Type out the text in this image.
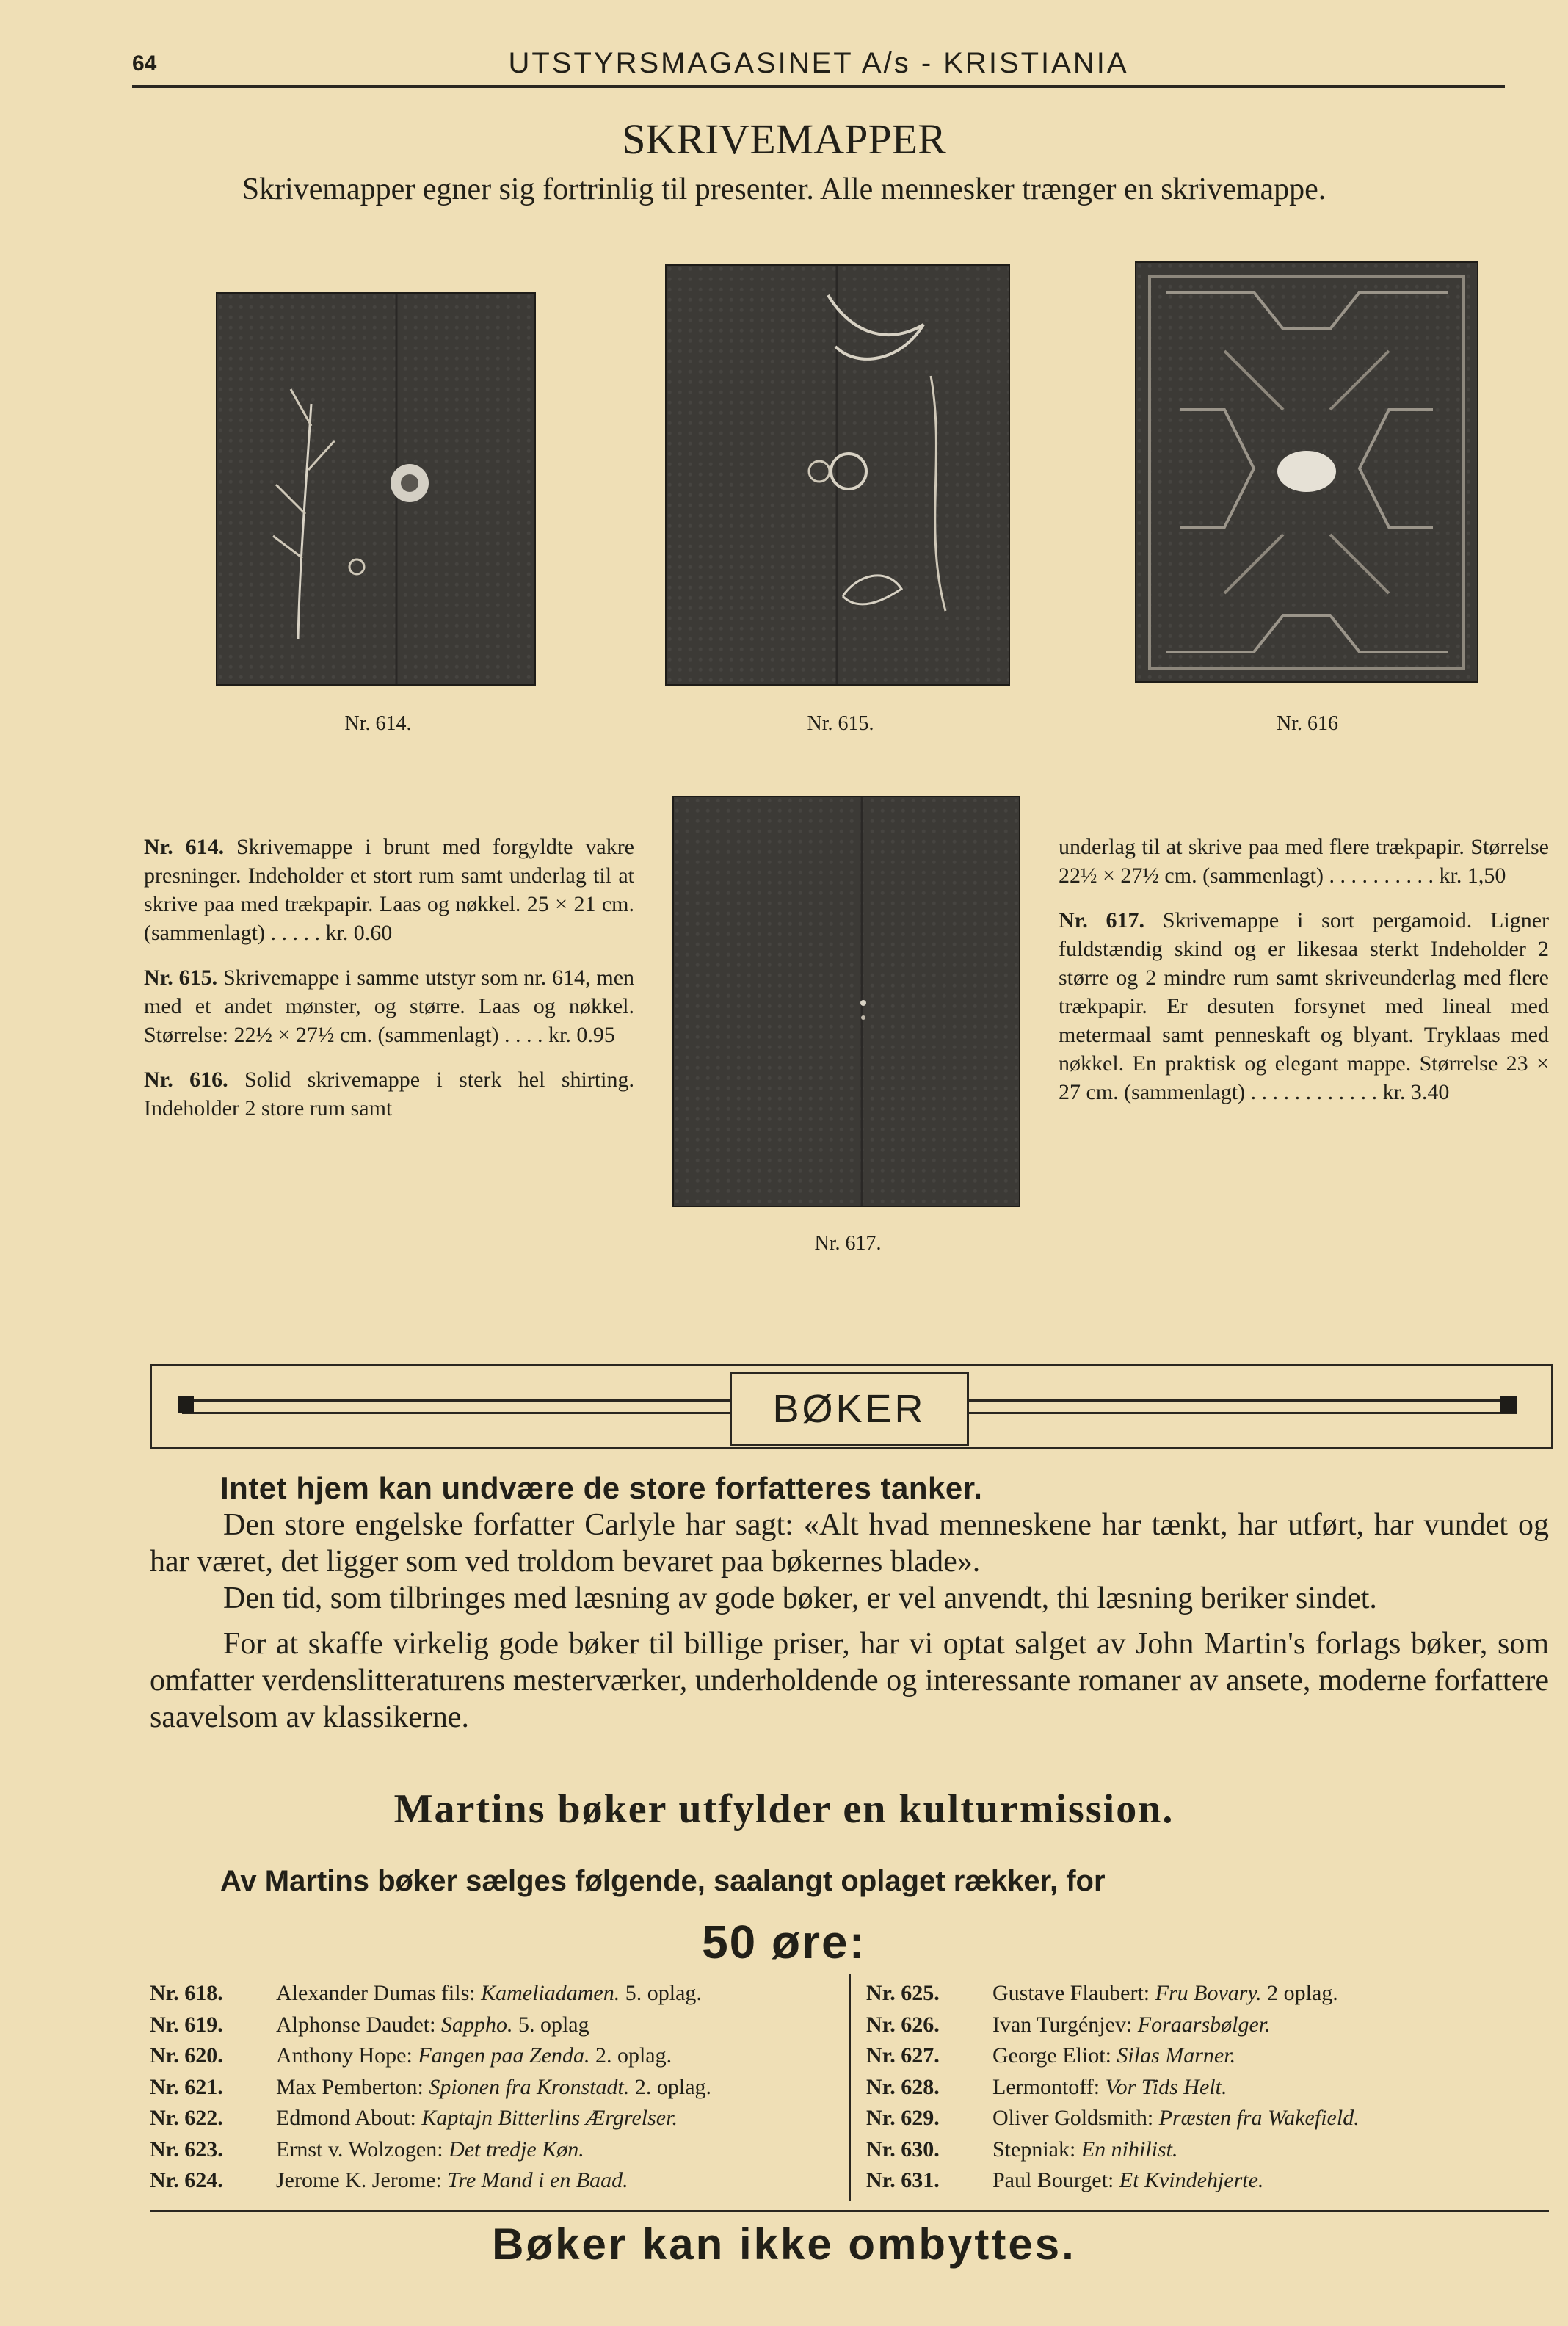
64	UTSTYRSMAGASINET A/s - KRISTIANIA
SKRIVEMAPPER
Skrivemapper egner sig fortrinlig til presenter. Alle mennesker trænger en skrivemappe.
Nr. 614.	Nr. 615.	Nr. 616

Nr. 614. Skrivemappe i brunt med forgyldte vakre presninger. Indeholder et stort rum samt underlag til at skrive paa med trækpapir. Laas og nøkkel. 25 × 21 cm. (sammenlagt) . . . . . kr. 0.60

Nr. 615. Skrivemappe i samme utstyr som nr. 614, men med et andet mønster, og større. Laas og nøkkel. Størrelse: 22½ × 27½ cm. (sammenlagt) . . . . kr. 0.95

Nr. 616. Solid skrivemappe i sterk hel shirting. Indeholder 2 store rum samt

Nr. 617.

underlag til at skrive paa med flere trækpapir. Størrelse 22½ × 27½ cm. (sammenlagt) . . . . . . . . . . kr. 1,50

Nr. 617. Skrivemappe i sort pergamoid. Ligner fuldstændig skind og er likesaa sterkt Indeholder 2 større og 2 mindre rum samt skriveunderlag med flere trækpapir. Er desuten forsynet med lineal med metermaal samt penneskaft og blyant. Tryklaas med nøkkel. En praktisk og elegant mappe. Størrelse 23 × 27 cm. (sammenlagt) . . . . . . . . . . . . kr. 3.40

BØKER

Intet hjem kan undvære de store forfatteres tanker.

Den store engelske forfatter Carlyle har sagt: «Alt hvad menneskene har tænkt, har utført, har vundet og har været, det ligger som ved troldom bevaret paa bøkernes blade».

Den tid, som tilbringes med læsning av gode bøker, er vel anvendt, thi læsning beriker sindet.

For at skaffe virkelig gode bøker til billige priser, har vi optat salget av John Martin's forlags bøker, som omfatter verdenslitteraturens mesterværker, underholdende og interessante romaner av ansete, moderne forfattere saavelsom av klassikerne.

Martins bøker utfylder en kulturmission.
Av Martins bøker sælges følgende, saalangt oplaget rækker, for
50 øre:
Nr. 618. Alexander Dumas fils: Kameliadamen. 5. oplag.
Nr. 619. Alphonse Daudet: Sappho. 5. oplag
Nr. 620. Anthony Hope: Fangen paa Zenda. 2. oplag.
Nr. 621. Max Pemberton: Spionen fra Kronstadt. 2. oplag.
Nr. 622. Edmond About: Kaptajn Bitterlins Ærgrelser.
Nr. 623. Ernst v. Wolzogen: Det tredje Køn.
Nr. 624. Jerome K. Jerome: Tre Mand i en Baad.
Nr. 625. Gustave Flaubert: Fru Bovary. 2 oplag.
Nr. 626. Ivan Turgénjev: Foraarsbølger.
Nr. 627. George Eliot: Silas Marner.
Nr. 628. Lermontoff: Vor Tids Helt.
Nr. 629. Oliver Goldsmith: Præsten fra Wakefield.
Nr. 630. Stepniak: En nihilist.
Nr. 631. Paul Bourget: Et Kvindehjerte.
Bøker kan ikke ombyttes.
